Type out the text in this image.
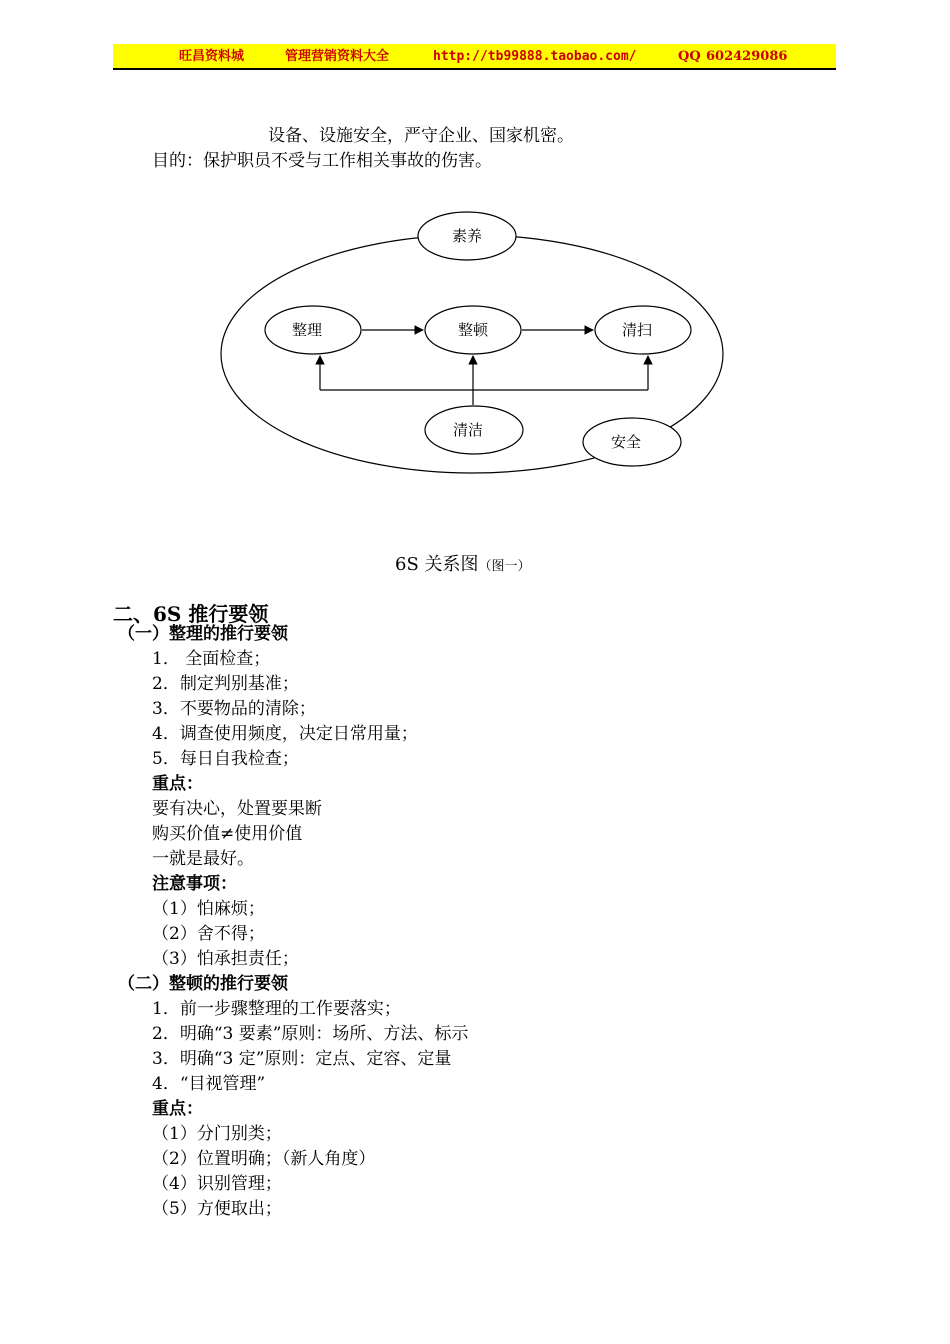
旺昌资料城	管理营销资料大全	http://tb99888.taobao.com/	QQ 602429086
设备、设施安全，严守企业、国家机密。
目的：保护职员不受与工作相关事故的伤害。
素养
整理	整顿	清扫
清洁
安全
6S 关系图（图一）
二、6S 推行要领
（一）整理的推行要领
1． 全面检查；
2．制定判别基准；
3．不要物品的清除；
4．调查使用频度，决定日常用量；
5．每日自我检查；
重点：
要有决心，处置要果断
购买价值≠使用价值
一就是最好。
注意事项：
（1）怕麻烦；
（2）舍不得；
（3）怕承担责任；
（二）整顿的推行要领
1．前一步骤整理的工作要落实；
2．明确“3 要素”原则：场所、方法、标示
3．明确“3 定”原则：定点、定容、定量
4．“目视管理”
重点：
（1）分门别类；
（2）位置明确；（新人角度）
（4）识别管理；
（5）方便取出；
